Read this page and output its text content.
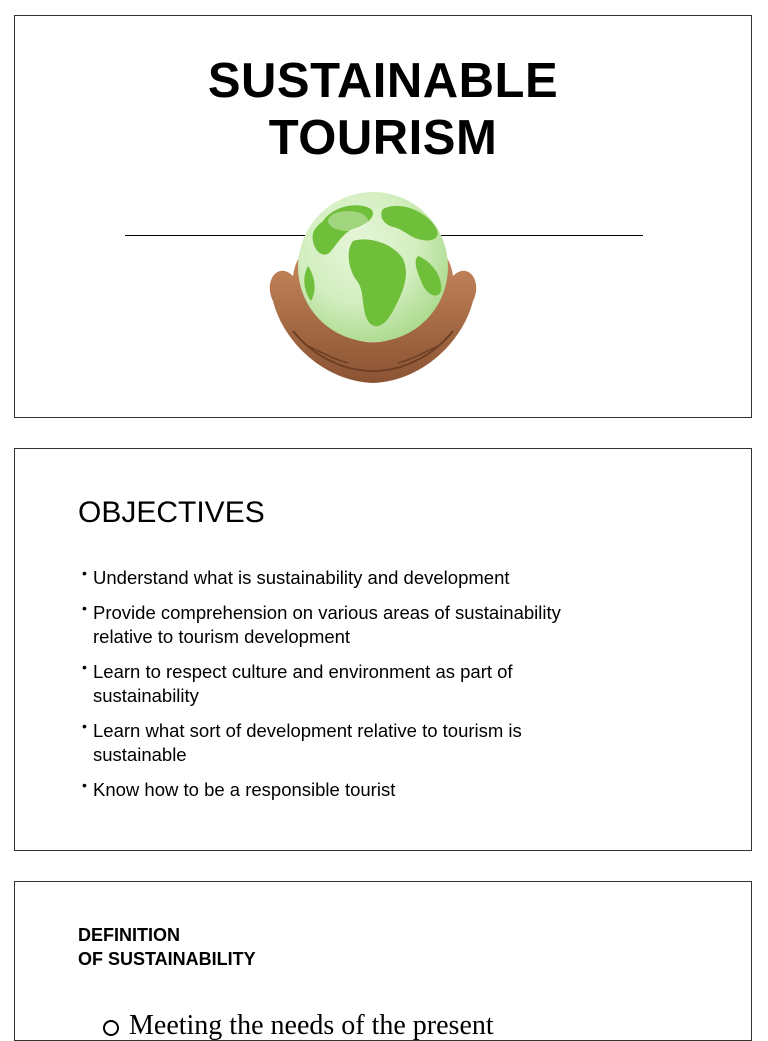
SUSTAINABLE
TOURISM
OBJECTIVES
• Understand what is sustainability and development
• Provide comprehension on various areas of sustainability
relative to tourism development
• Learn to respect culture and environment as part of
sustainability
• Learn what sort of development relative to tourism is
sustainable
• Know how to be a responsible tourist
DEFINITION
OF SUSTAINABILITY
Meeting the needs of the present
